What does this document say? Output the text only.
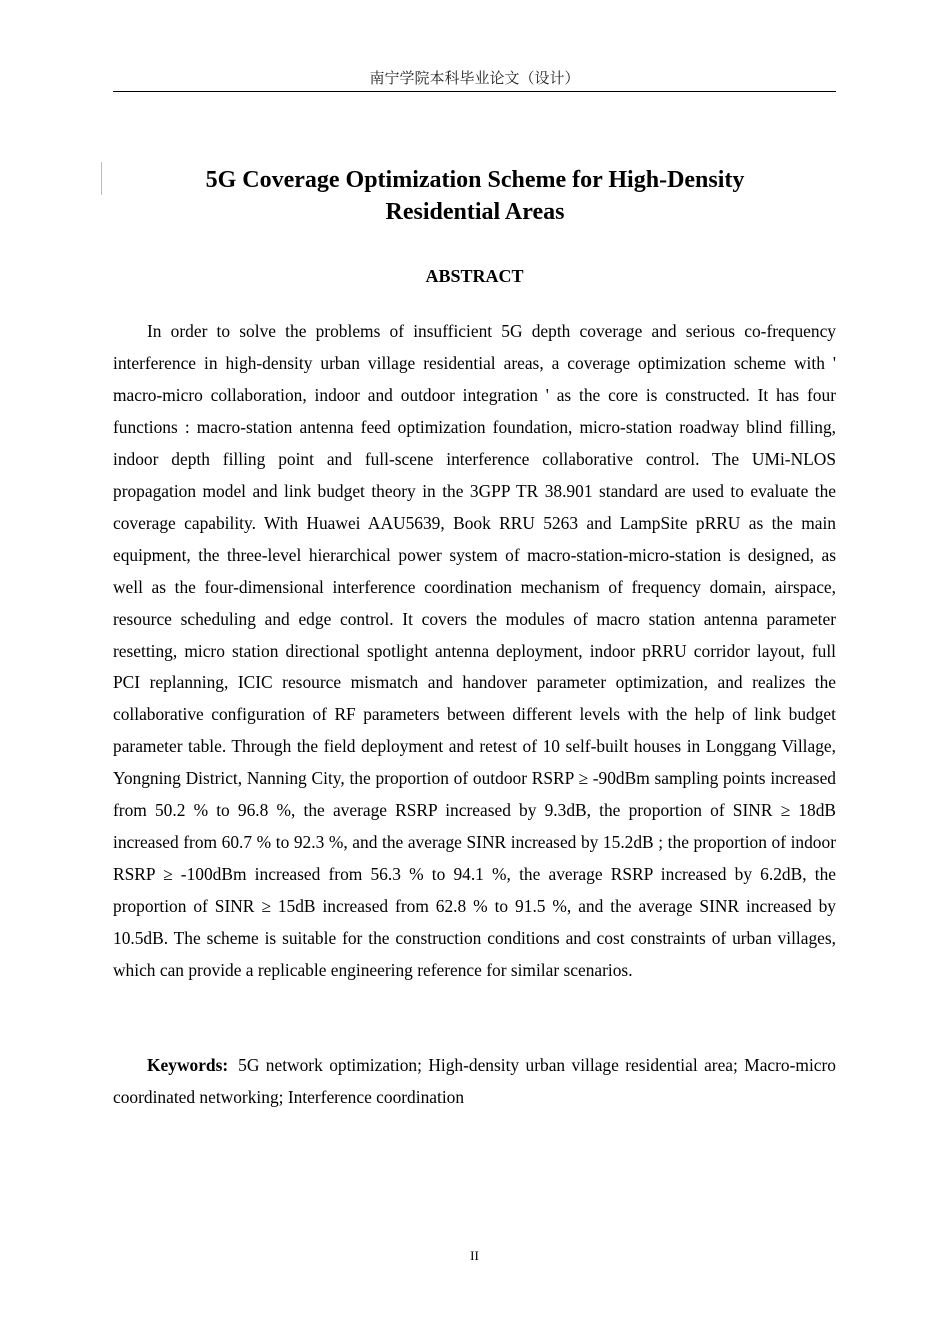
南宁学院本科毕业论文（设计）
5G Coverage Optimization Scheme for High-Density
Residential Areas
ABSTRACT

In order to solve the problems of insufficient 5G depth coverage and serious co-frequency interference in high-density urban village residential areas, a coverage optimization scheme with ' macro-micro collaboration, indoor and outdoor integration ' as the core is constructed. It has four functions : macro-station antenna feed optimization foundation, micro-station roadway blind filling, indoor depth filling point and full-scene interference collaborative control. The UMi-NLOS propagation model and link budget theory in the 3GPP TR 38.901 standard are used to evaluate the coverage capability. With Huawei AAU5639, Book RRU 5263 and LampSite pRRU as the main equipment, the three-level hierarchical power system of macro-station-micro-station is designed, as well as the four-dimensional interference coordination mechanism of frequency domain, airspace, resource scheduling and edge control. It covers the modules of macro station antenna parameter resetting, micro station directional spotlight antenna deployment, indoor pRRU corridor layout, full PCI replanning, ICIC resource mismatch and handover parameter optimization, and realizes the collaborative configuration of RF parameters between different levels with the help of link budget parameter table. Through the field deployment and retest of 10 self-built houses in Longgang Village, Yongning District, Nanning City, the proportion of outdoor RSRP ≥ -90dBm sampling points increased from 50.2 % to 96.8 %, the average RSRP increased by 9.3dB, the proportion of SINR ≥ 18dB increased from 60.7 % to 92.3 %, and the average SINR increased by 15.2dB ; the proportion of indoor RSRP ≥ -100dBm increased from 56.3 % to 94.1 %, the average RSRP increased by 6.2dB, the proportion of SINR ≥ 15dB increased from 62.8 % to 91.5 %, and the average SINR increased by 10.5dB. The scheme is suitable for the construction conditions and cost constraints of urban villages, which can provide a replicable engineering reference for similar scenarios.

Keywords: 5G network optimization; High-density urban village residential area; Macro-micro coordinated networking; Interference coordination

II
